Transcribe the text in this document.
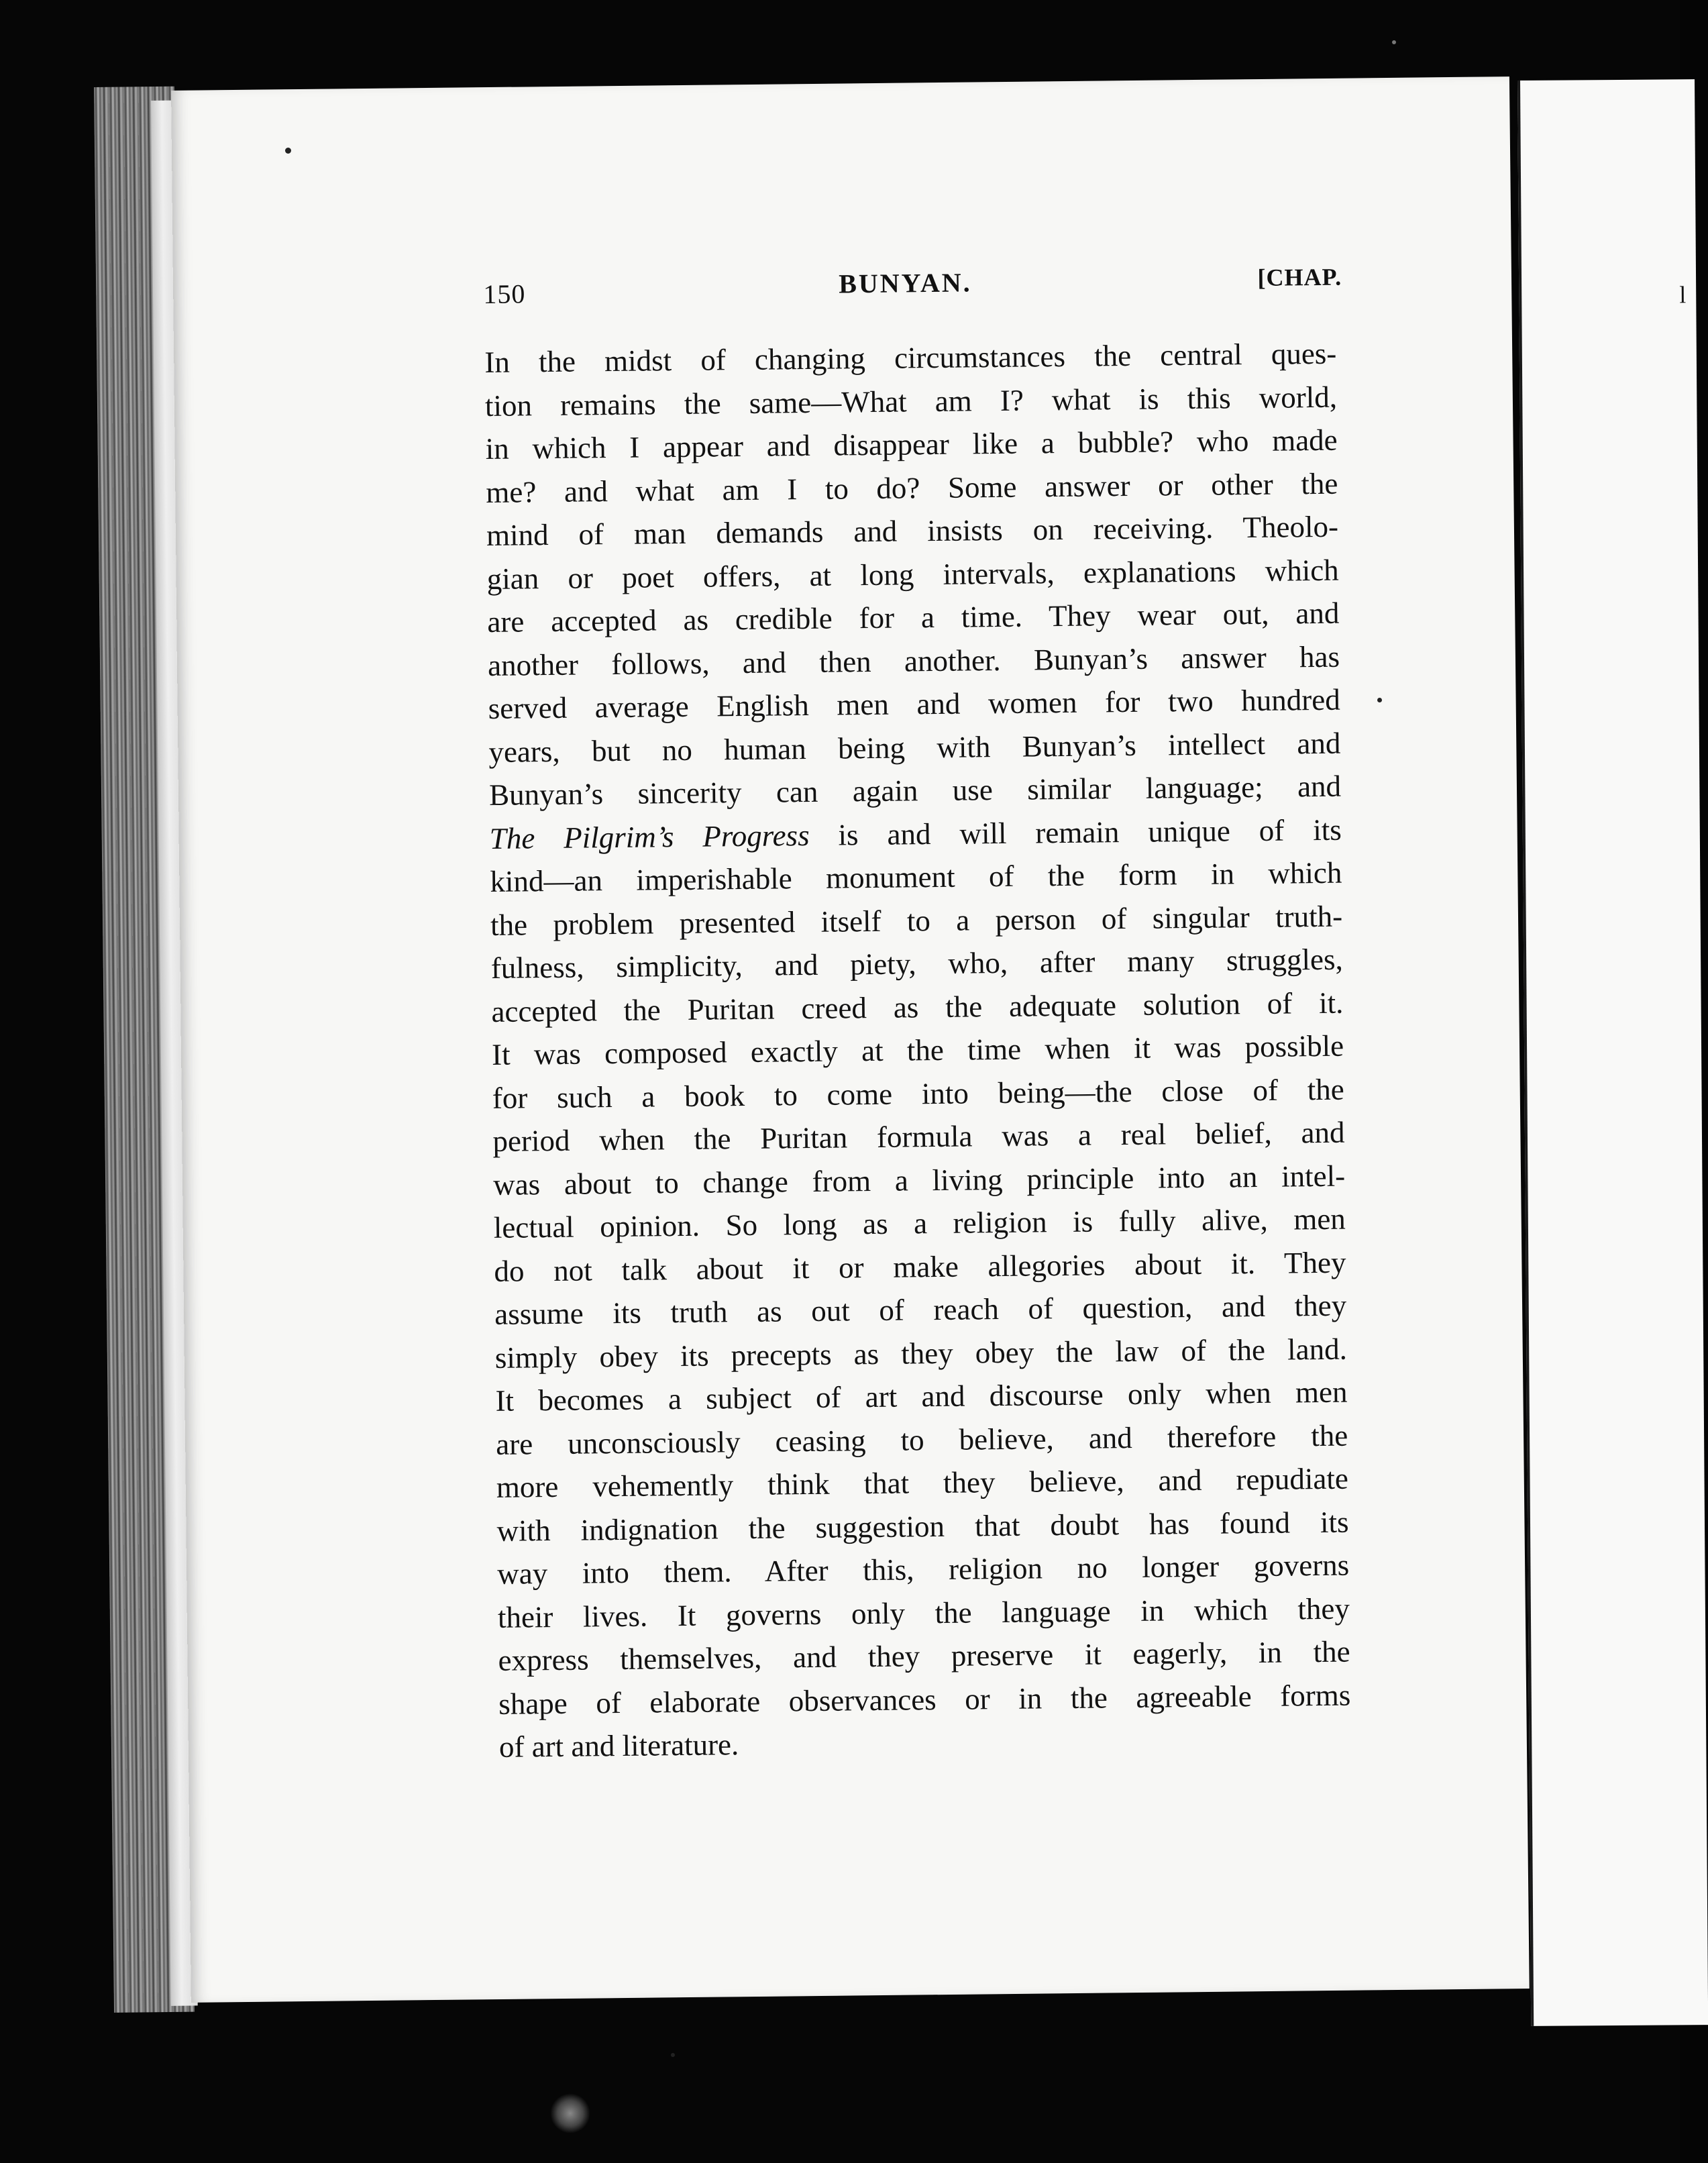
l
150	BUNYAN.	[CHAP.
In the midst of changing circumstances the central ques-
tion remains the same—What am I? what is this world,
in which I appear and disappear like a bubble? who made
me? and what am I to do? Some answer or other the
mind of man demands and insists on receiving. Theolo-
gian or poet offers, at long intervals, explanations which
are accepted as credible for a time. They wear out, and
another follows, and then another. Bunyan’s answer has
served average English men and women for two hundred
years, but no human being with Bunyan’s intellect and
Bunyan’s sincerity can again use similar language; and
The Pilgrim’s Progress is and will remain unique of its
kind—an imperishable monument of the form in which
the problem presented itself to a person of singular truth-
fulness, simplicity, and piety, who, after many struggles,
accepted the Puritan creed as the adequate solution of it.
It was composed exactly at the time when it was possible
for such a book to come into being—the close of the
period when the Puritan formula was a real belief, and
was about to change from a living principle into an intel-
lectual opinion. So long as a religion is fully alive, men
do not talk about it or make allegories about it. They
assume its truth as out of reach of question, and they
simply obey its precepts as they obey the law of the land.
It becomes a subject of art and discourse only when men
are unconsciously ceasing to believe, and therefore the
more vehemently think that they believe, and repudiate
with indignation the suggestion that doubt has found its
way into them. After this, religion no longer governs
their lives. It governs only the language in which they
express themselves, and they preserve it eagerly, in the
shape of elaborate observances or in the agreeable forms
of art and literature.
